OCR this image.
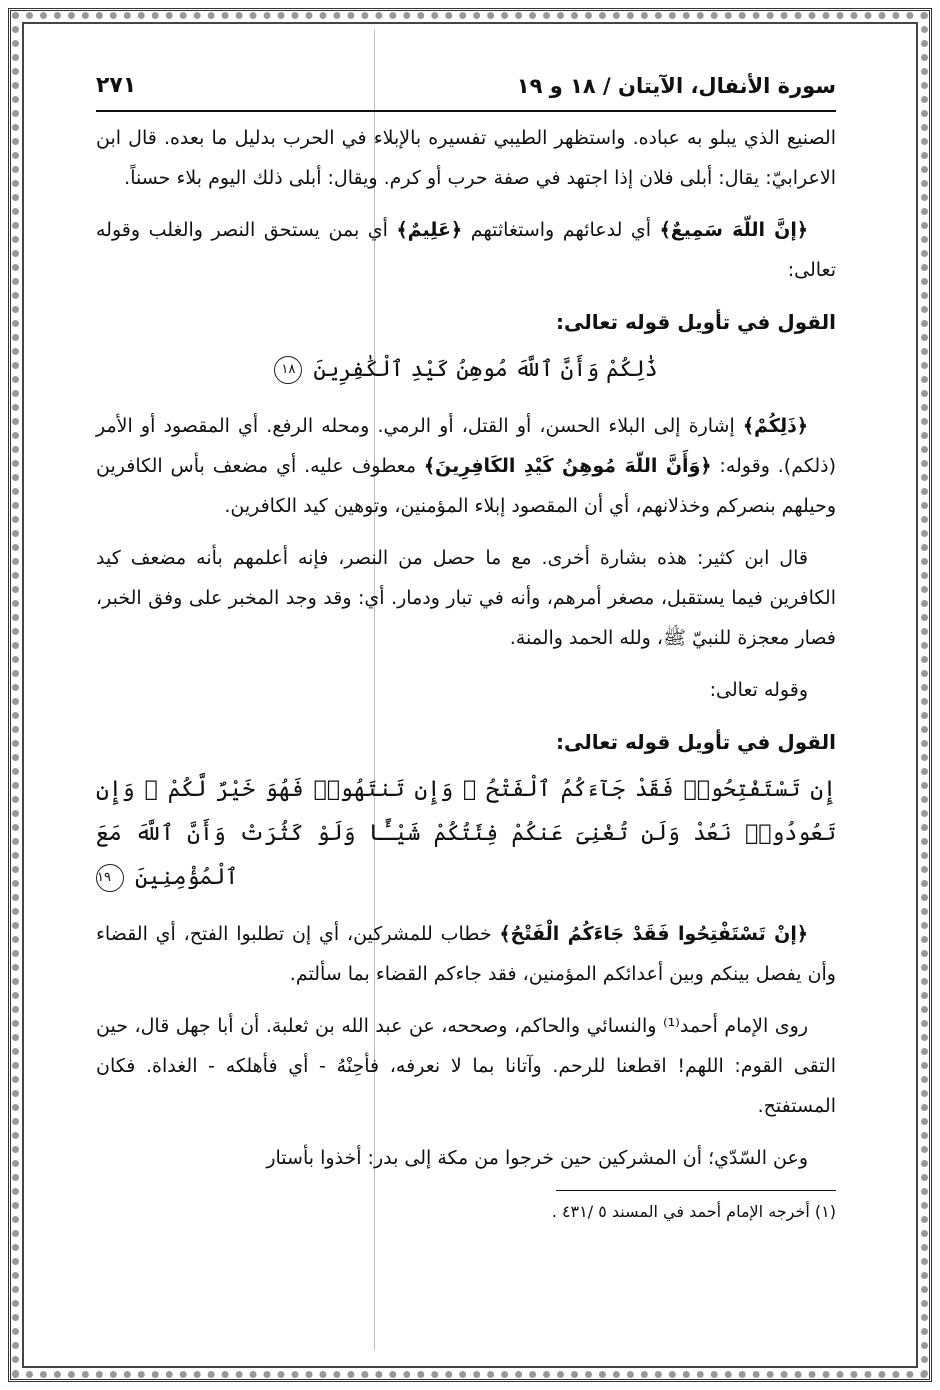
سورة الأنفال، الآيتان / ١٨ و ١٩
٢٧١

الصنيع الذي يبلو به عباده. واستظهر الطيبي تفسيره بالإبلاء في الحرب بدليل ما بعده. قال ابن الاعرابيّ: يقال: أبلى فلان إذا اجتهد في صفة حرب أو كرم. ويقال: أبلى ذلك اليوم بلاء حسناً.

﴿إنَّ اللّهَ سَمِيعٌ﴾ أي لدعائهم واستغاثتهم ﴿عَلِيمٌ﴾ أي بمن يستحق النصر والغلب وقوله تعالى:

القول في تأويل قوله تعالى:
ذَٰلِكُمْ وَأَنَّ ٱللَّهَ مُوهِنُ كَيْدِ ٱلْكَٰفِرِينَ ١٨

﴿ذَلِكُمْ﴾ إشارة إلى البلاء الحسن، أو القتل، أو الرمي. ومحله الرفع. أي المقصود أو الأمر (ذلكم). وقوله: ﴿وَأَنَّ اللّهَ مُوهِنُ كَيْدِ الكَافِرِينَ﴾ معطوف عليه. أي مضعف بأس الكافرين وحيلهم بنصركم وخذلانهم، أي أن المقصود إبلاء المؤمنين، وتوهين كيد الكافرين.

قال ابن كثير: هذه بشارة أخرى. مع ما حصل من النصر، فإنه أعلمهم بأنه مضعف كيد الكافرين فيما يستقبل، مصغر أمرهم، وأنه في تبار ودمار. أي: وقد وجد المخبر على وفق الخبر، فصار معجزة للنبيّ ﷺ، ولله الحمد والمنة.

وقوله تعالى:

القول في تأويل قوله تعالى:
إِن تَسْتَفْتِحُوا۟ فَقَدْ جَآءَكُمُ ٱلْفَتْحُ ۖ وَإِن تَنتَهُوا۟ فَهُوَ خَيْرٌ لَّكُمْ ۖ وَإِن تَعُودُوا۟ نَعُدْ وَلَن تُغْنِىَ عَنكُمْ فِئَتُكُمْ شَيْـًٔا وَلَوْ كَثُرَتْ وَأَنَّ ٱللَّهَ مَعَ ٱلْمُؤْمِنِينَ ١٩

﴿إنْ تَسْتَفْتِحُوا فَقَدْ جَاءَكُمُ الْفَتْحُ﴾ خطاب للمشركين، أي إن تطلبوا الفتح، أي القضاء وأن يفصل بينكم وبين أعدائكم المؤمنين، فقد جاءكم القضاء بما سألتم.

روى الإمام أحمد⁽¹⁾ والنسائي والحاكم، وصححه، عن عبد الله بن ثعلبة. أن أبا جهل قال، حين التقى القوم: اللهم! اقطعنا للرحم. وآتانا بما لا نعرفه، فأحِنْهُ - أي فأهلكه - الغداة. فكان المستفتح.

وعن السّدّي؛ أن المشركين حين خرجوا من مكة إلى بدر: أخذوا بأستار

(١) أخرجه الإمام أحمد في المسند ٥ /٤٣١ .
